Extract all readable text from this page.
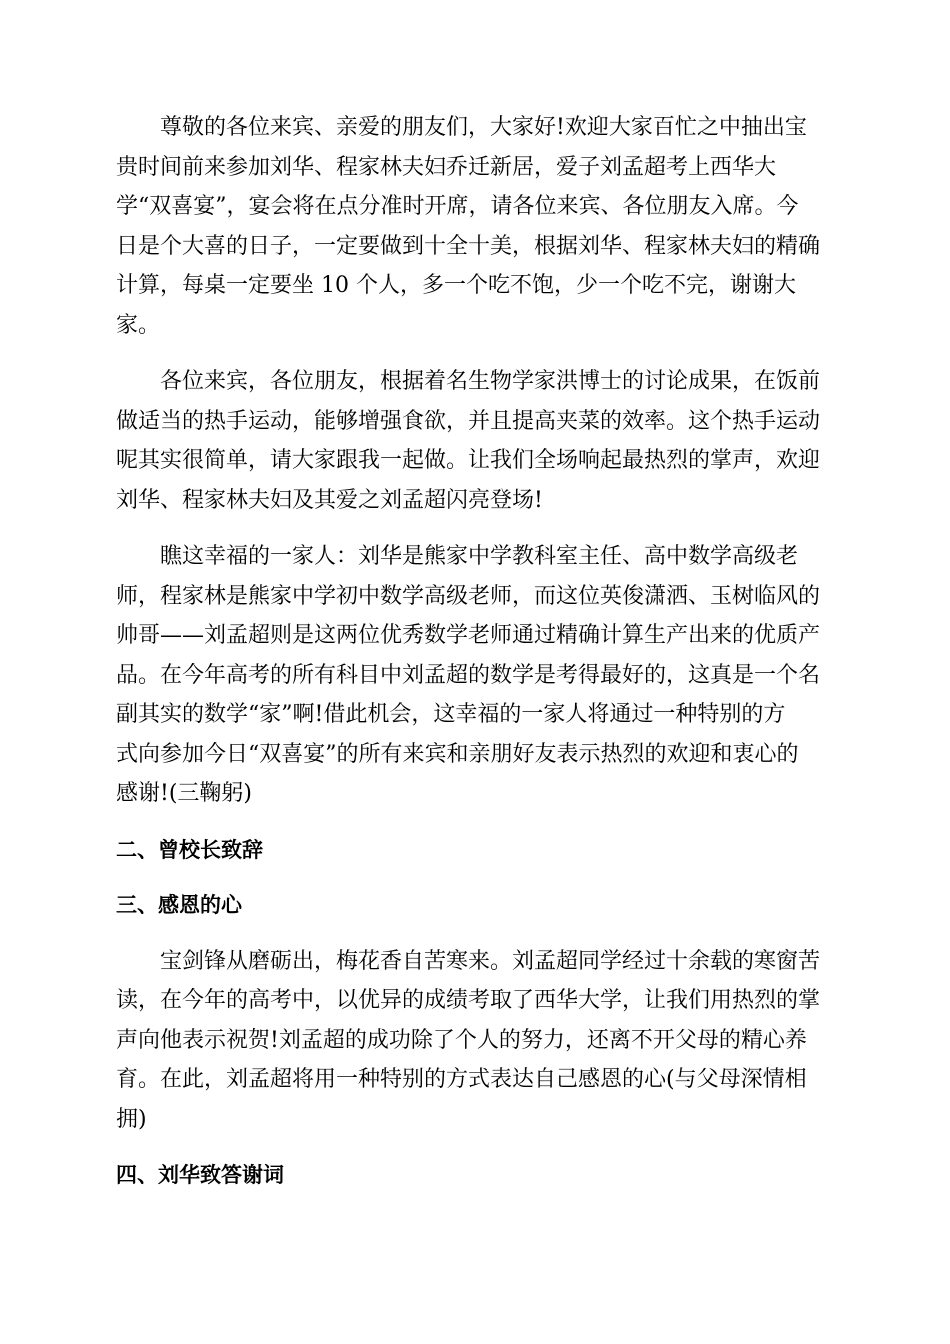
尊敬的各位来宾、亲爱的朋友们，大家好!欢迎大家百忙之中抽出宝
贵时间前来参加刘华、程家林夫妇乔迁新居，爱子刘孟超考上西华大
学“双喜宴”，宴会将在点分准时开席，请各位来宾、各位朋友入席。今
日是个大喜的日子，一定要做到十全十美，根据刘华、程家林夫妇的精确
计算，每桌一定要坐 10 个人，多一个吃不饱，少一个吃不完，谢谢大
家。

各位来宾，各位朋友，根据着名生物学家洪博士的讨论成果，在饭前
做适当的热手运动，能够增强食欲，并且提高夹菜的效率。这个热手运动
呢其实很简单，请大家跟我一起做。让我们全场响起最热烈的掌声，欢迎
刘华、程家林夫妇及其爱之刘孟超闪亮登场!

瞧这幸福的一家人：刘华是熊家中学教科室主任、高中数学高级老
师，程家林是熊家中学初中数学高级老师，而这位英俊潇洒、玉树临风的
帅哥——刘孟超则是这两位优秀数学老师通过精确计算生产出来的优质产
品。在今年高考的所有科目中刘孟超的数学是考得最好的，这真是一个名
副其实的数学“家”啊!借此机会，这幸福的一家人将通过一种特别的方
式向参加今日“双喜宴”的所有来宾和亲朋好友表示热烈的欢迎和衷心的
感谢!(三鞠躬)

二、曾校长致辞
三、感恩的心

宝剑锋从磨砺出，梅花香自苦寒来。刘孟超同学经过十余载的寒窗苦
读，在今年的高考中，以优异的成绩考取了西华大学，让我们用热烈的掌
声向他表示祝贺!刘孟超的成功除了个人的努力，还离不开父母的精心养
育。在此，刘孟超将用一种特别的方式表达自己感恩的心(与父母深情相
拥)

四、刘华致答谢词
